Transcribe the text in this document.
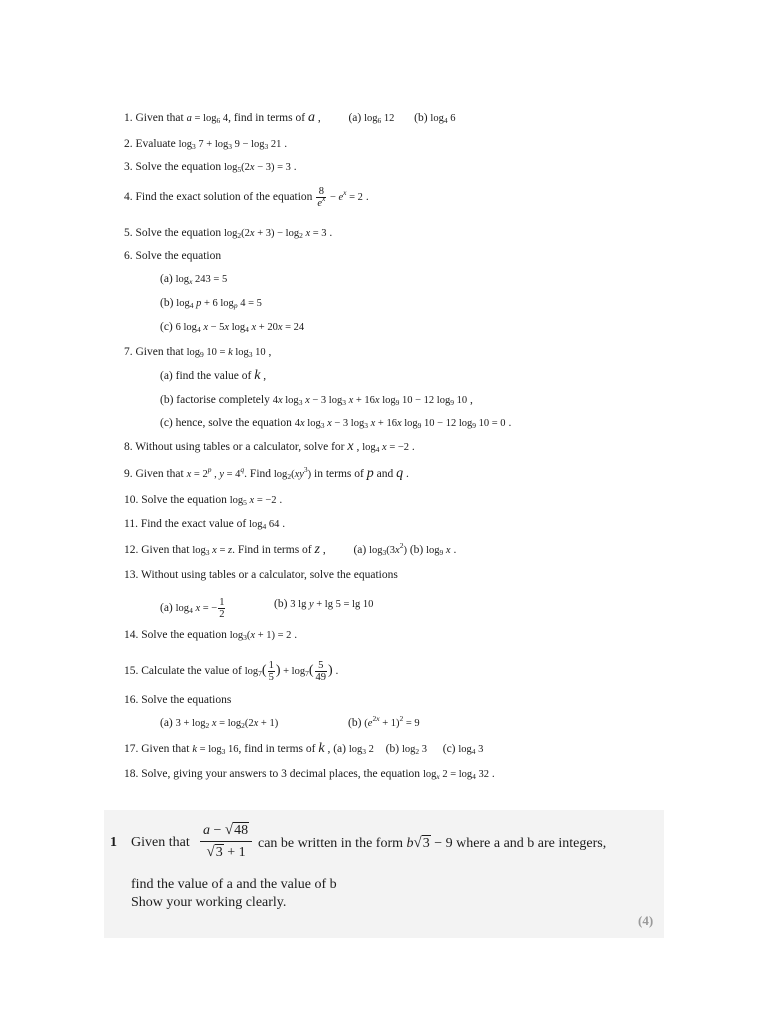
1. Given that $a = \log_6 4$, find in terms of a ,  (a) $\log_6 12$ (b) $\log_4 6$
2. Evaluate $\log_3 7 + \log_3 9 - \log_3 21$ .
3. Solve the equation $\log_5(2x - 3) = 3$ .
4. Find the exact solution of the equation $\frac{8}{e^x} - e^x = 2$ .
5. Solve the equation $\log_2(2x + 3) - \log_2 x = 3$ .
6. Solve the equation
(a) $\log_x 243 = 5$
(b) $\log_4 p + 6$ $\log_p 4 = 5$
(c) 6 $\log_4 x - 5x$ $\log_4 x + 20x = 24$
7. Given that $\log_9 10 = k$ $\log_3 10$ ,
(a) find the value of k ,
(b) factorise completely 4x $\log_3 x - 3$ $\log_3 x + 16x$ $\log_9 10 - 12$ $\log_9 10$ ,
(c) hence, solve the equation 4x $\log_3 x - 3$ $\log_3 x + 16x$ $\log_9 10 - 12$ $\log_9 10 = 0$ .
8. Without using tables or a calculator, solve for x , $\log_4 x = -2$ .
9. Given that $x = 2^p$ , $y = 4^q$. Find $\log_2(xy^3)$ in terms of p and q .
10. Solve the equation $\log_5 x = -2$ .
11. Find the exact value of $\log_4 64$ .
12. Given that $\log_3 x = z$. Find in terms of z ,  (a) $\log_3(3x^2)$ (b) $\log_9 x$ .
13. Without using tables or a calculator, solve the equations
(a) $\log_4 x$ = − $\frac{1}{2}$	(b) 3 lg y + lg 5 = lg 10
14. Solve the equation $\log_3(x + 1) = 2$ .
15. Calculate the value of $\log_7( \frac{1}{5}$ ) + $\log_7( \frac{5}{49}$ ) .
16. Solve the equations
(a) $3 + \log_2 x = \log_2(2x + 1)$	(b) $(e^{2x} + 1)^2 = 9$
17. Given that $k = \log_3 16$, find in terms of k , (a) $\log_3 2$ (b) $\log_2 3$ (c) $\log_4 3$
18. Solve, giving your answers to 3 decimal places, the equation $\log_x 2 = \log_4 32$ .
1 Given that
a − √48
√3 + 1
can be written in the form b√3 − 9 where a and b are integers,
find the value of a and the value of b
Show your working clearly.
(4)
